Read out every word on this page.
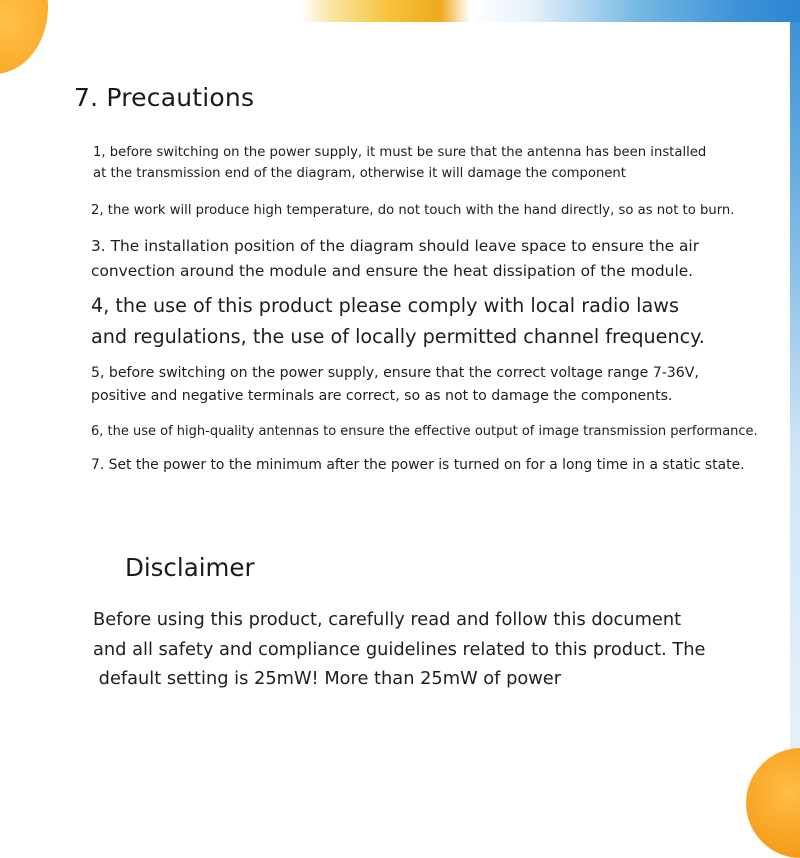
7. Precautions

1, before switching on the power supply, it must be sure that the antenna has been installed
at the transmission end of the diagram, otherwise it will damage the component

2, the work will produce high temperature, do not touch with the hand directly, so as not to burn.

3. The installation position of the diagram should leave space to ensure the air
convection around the module and ensure the heat dissipation of the module.

4, the use of this product please comply with local radio laws
and regulations, the use of locally permitted channel frequency.

5, before switching on the power supply, ensure that the correct voltage range 7-36V,
positive and negative terminals are correct, so as not to damage the components.

6, the use of high-quality antennas to ensure the effective output of image transmission performance.

7. Set the power to the minimum after the power is turned on for a long time in a static state.

Disclaimer

Before using this product, carefully read and follow this document
and all safety and compliance guidelines related to this product. The
default setting is 25mW! More than 25mW of power
